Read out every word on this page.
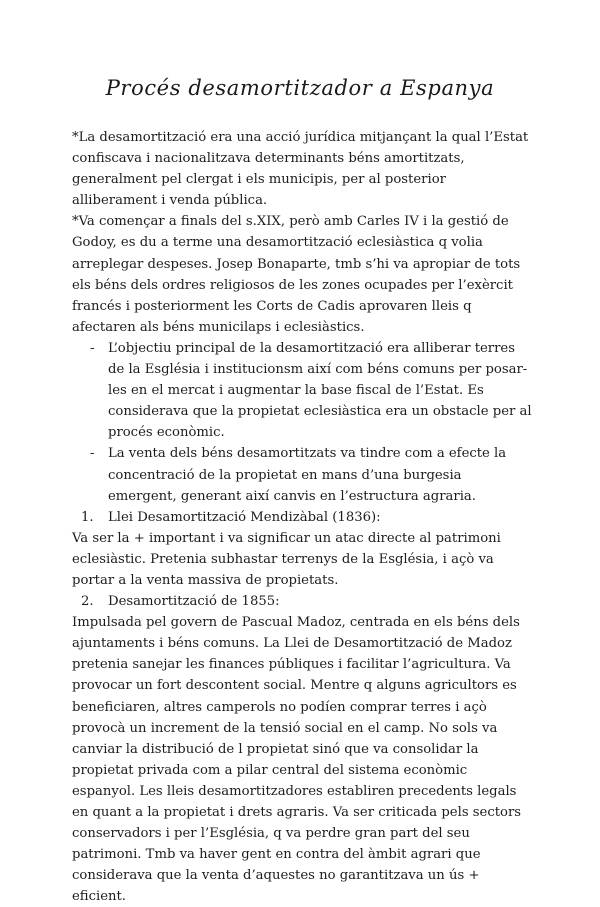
Procés desamortitzador a Espanya

*La desamortització era una acció jurídica mitjançant la qual l’Estat confiscava i nacionalitzava determinants béns amortitzats, generalment pel clergat i els municipis, per al posterior alliberament i venda pública.

*Va començar a finals del s.XIX, però amb Carles IV i la gestió de Godoy, es du a terme una desamortització eclesiàstica q volia arreplegar despeses. Josep Bonaparte, tmb s’hi va apropiar de tots els béns dels ordres religiosos de les zones ocupades per l’exèrcit francés i posteriorment les Corts de Cadis aprovaren lleis q afectaren als béns municilaps i eclesiàstics.

- L’objectiu principal de la desamortització era alliberar terres de la Església i institucionsm així com béns comuns per posar-les en el mercat i augmentar la base fiscal de l’Estat. Es considerava que la propietat eclesiàstica era un obstacle per al procés econòmic.
- La venta dels béns desamortitzats va tindre com a efecte la concentració de la propietat en mans d’una burgesia emergent, generant així canvis en l’estructura agraria.

1. Llei Desamortització Mendizàbal (1836):

Va ser la + important i va significar un atac directe al patrimoni eclesiàstic. Pretenia subhastar terrenys de la Església, i açò va portar a la venta massiva de propietats.

2. Desamortització de 1855:

Impulsada pel govern de Pascual Madoz, centrada en els béns dels ajuntaments i béns comuns. La Llei de Desamortització de Madoz pretenia sanejar les finances públiques i facilitar l’agricultura. Va provocar un fort descontent social. Mentre q alguns agricultors es beneficiaren, altres camperols no podíen comprar terres i açò provocà un increment de la tensió social en el camp. No sols va canviar la distribució de l propietat sinó que va consolidar la propietat privada com a pilar central del sistema econòmic espanyol. Les lleis desamortitzadores establiren precedents legals en quant a la propietat i drets agraris. Va ser criticada pels sectors conservadors i per l’Església, q va perdre gran part del seu patrimoni. Tmb va haver gent en contra del àmbit agrari que considerava que la venta d’aquestes no garantitzava un ús + eficient.
